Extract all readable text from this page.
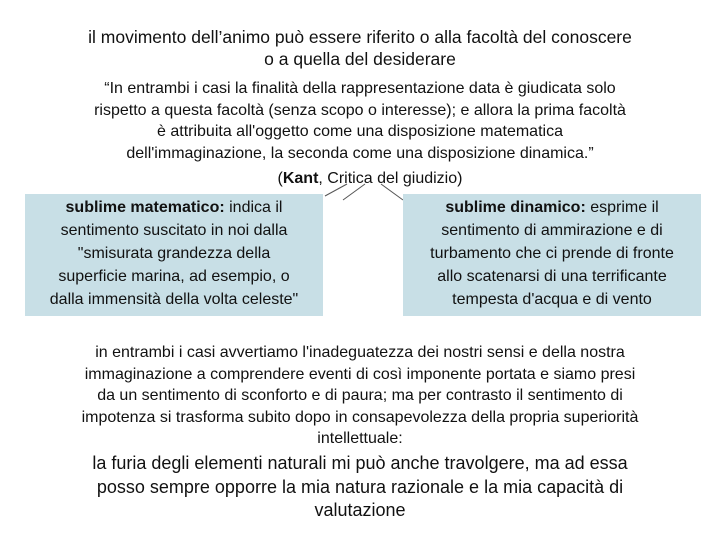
il movimento dell’animo può essere riferito o alla facoltà del conoscere
o a quella del desiderare
“In entrambi i casi la finalità della rappresentazione data è giudicata solo
rispetto a questa facoltà (senza scopo o interesse); e allora la prima facoltà
è attribuita all'oggetto come una disposizione matematica
dell'immaginazione, la seconda come una disposizione dinamica.”
(Kant, Critica del giudizio)
sublime matematico: indica il
sentimento suscitato in noi dalla
"smisurata grandezza della
superficie marina, ad esempio, o
dalla immensità della volta celeste"
sublime dinamico: esprime il
sentimento di ammirazione e di
turbamento che ci prende di fronte
allo scatenarsi di una terrificante
tempesta d'acqua e di vento
in entrambi i casi avvertiamo l'inadeguatezza dei nostri sensi e della nostra
immaginazione a comprendere eventi di così imponente portata e siamo presi
da un sentimento di sconforto e di paura; ma per contrasto il sentimento di
impotenza si trasforma subito dopo in consapevolezza della propria superiorità
intellettuale:
la furia degli elementi naturali mi può anche travolgere, ma ad essa
posso sempre opporre la mia natura razionale e la mia capacità di
valutazione
